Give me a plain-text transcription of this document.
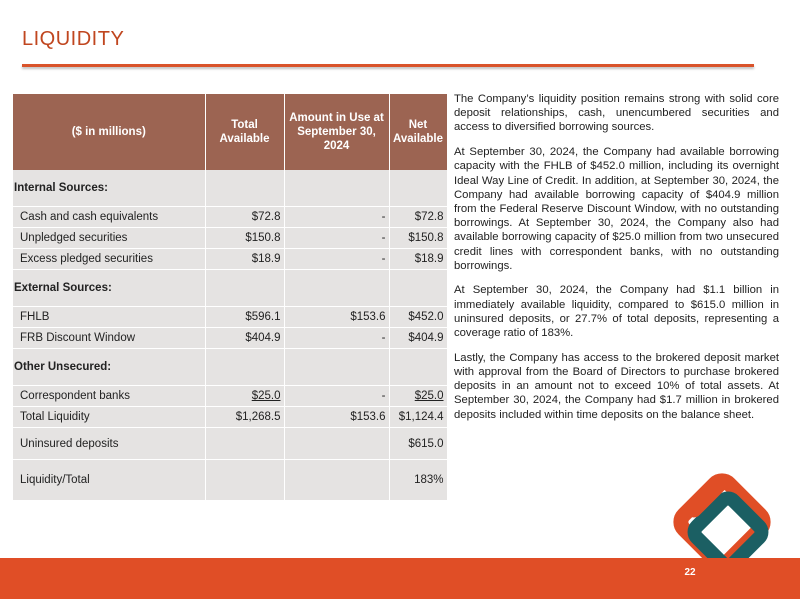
LIQUIDITY
($ in millions)	Total Available	Amount in Use at September 30, 2024	Net Available
Internal Sources:			
Cash and cash equivalents	$72.8	-	$72.8
Unpledged securities	$150.8	-	$150.8
Excess pledged securities	$18.9	-	$18.9
External Sources:			
FHLB	$596.1	$153.6	$452.0
FRB Discount Window	$404.9	-	$404.9
Other Unsecured:			
Correspondent banks	$25.0	-	$25.0
Total Liquidity	$1,268.5	$153.6	$1,124.4
Uninsured deposits			$615.0
Liquidity/Total			183%

The Company’s liquidity position remains strong with solid core deposit relationships, cash, unencumbered securities and access to diversified borrowing sources.

At September 30, 2024, the Company had available borrowing capacity with the FHLB of $452.0 million, including its overnight Ideal Way Line of Credit. In addition, at September 30, 2024, the Company had available borrowing capacity of $404.9 million from the Federal Reserve Discount Window, with no outstanding borrowings. At September 30, 2024, the Company also had available borrowing capacity of $25.0 million from two unsecured credit lines with correspondent banks, with no outstanding borrowings.

At September 30, 2024, the Company had $1.1 billion in immediately available liquidity, compared to $615.0 million in uninsured deposits, or 27.7% of total deposits, representing a coverage ratio of 183%.

Lastly, the Company has access to the brokered deposit market with approval from the Board of Directors to purchase brokered deposits in an amount not to exceed 10% of total assets. At September 30, 2024, the Company had $1.7 million in brokered deposits included within time deposits on the balance sheet.

22
